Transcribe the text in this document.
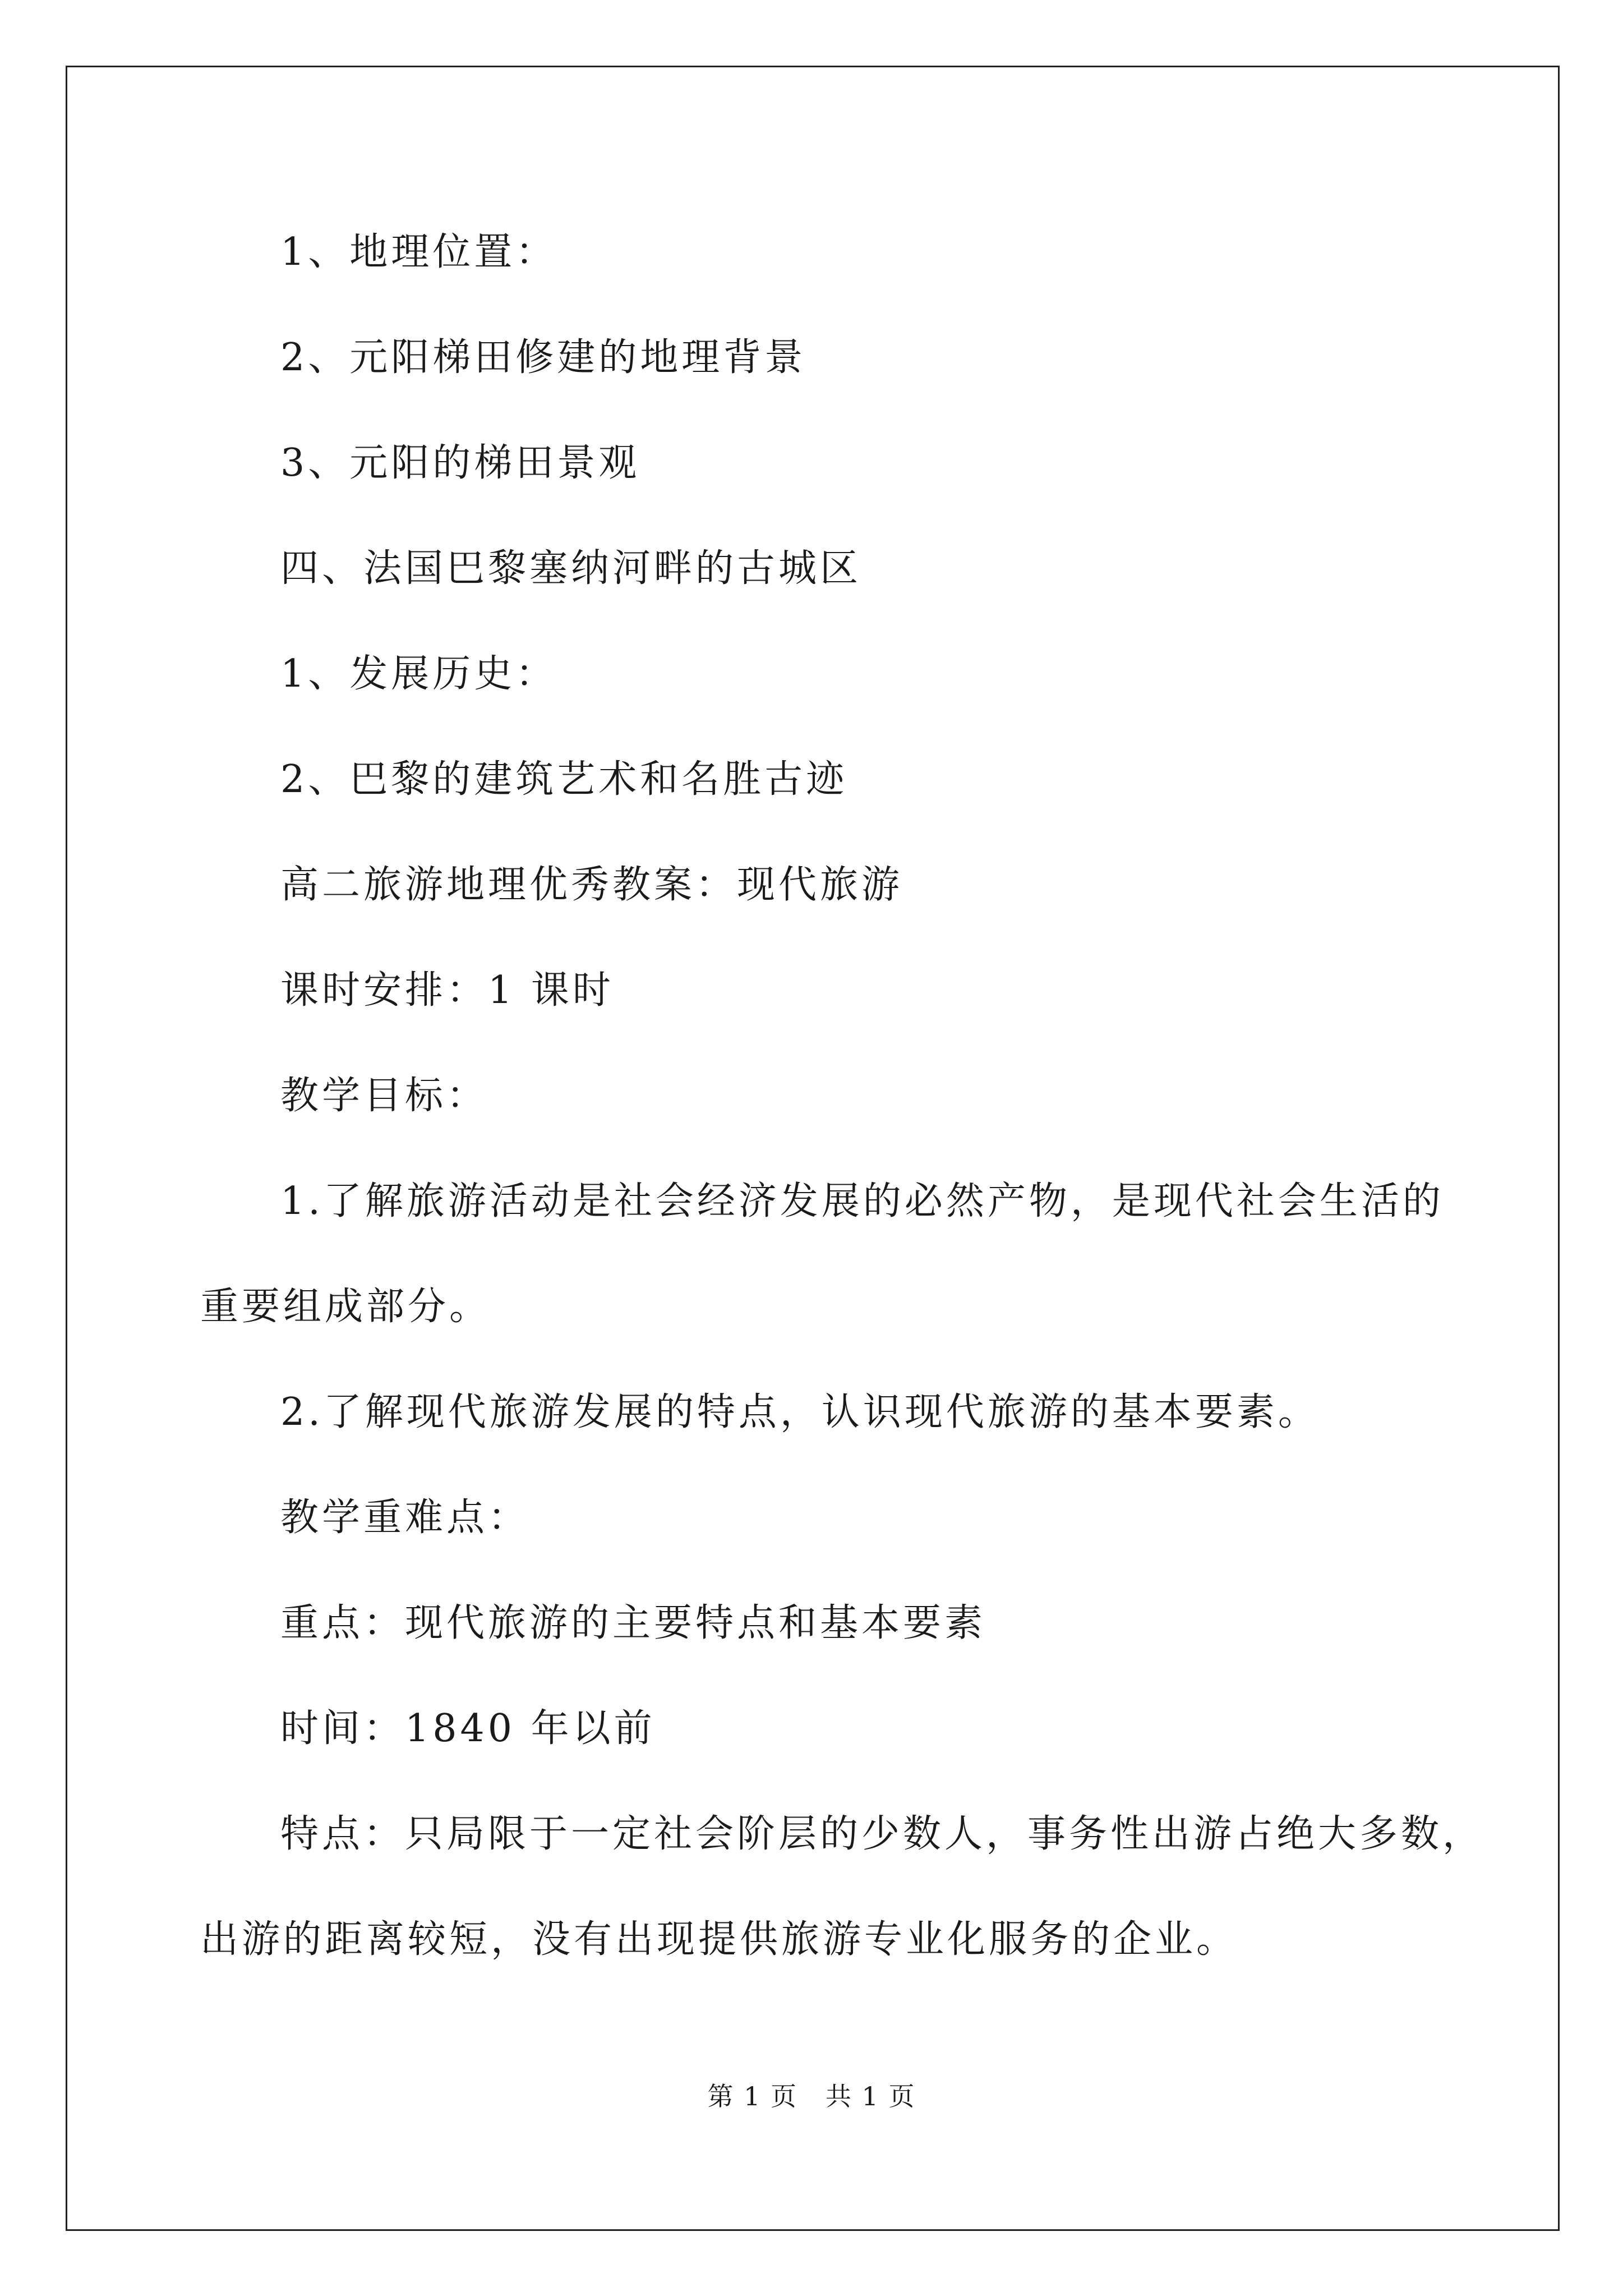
1、地理位置：
2、元阳梯田修建的地理背景
3、元阳的梯田景观
四、法国巴黎塞纳河畔的古城区
1、发展历史：
2、巴黎的建筑艺术和名胜古迹
高二旅游地理优秀教案：现代旅游
课时安排：1 课时
教学目标：
1.了解旅游活动是社会经济发展的必然产物，是现代社会生活的
重要组成部分。
2.了解现代旅游发展的特点，认识现代旅游的基本要素。
教学重难点：
重点：现代旅游的主要特点和基本要素
时间：1840 年以前
特点：只局限于一定社会阶层的少数人，事务性出游占绝大多数，
出游的距离较短，没有出现提供旅游专业化服务的企业。
第 1 页 共 1 页
